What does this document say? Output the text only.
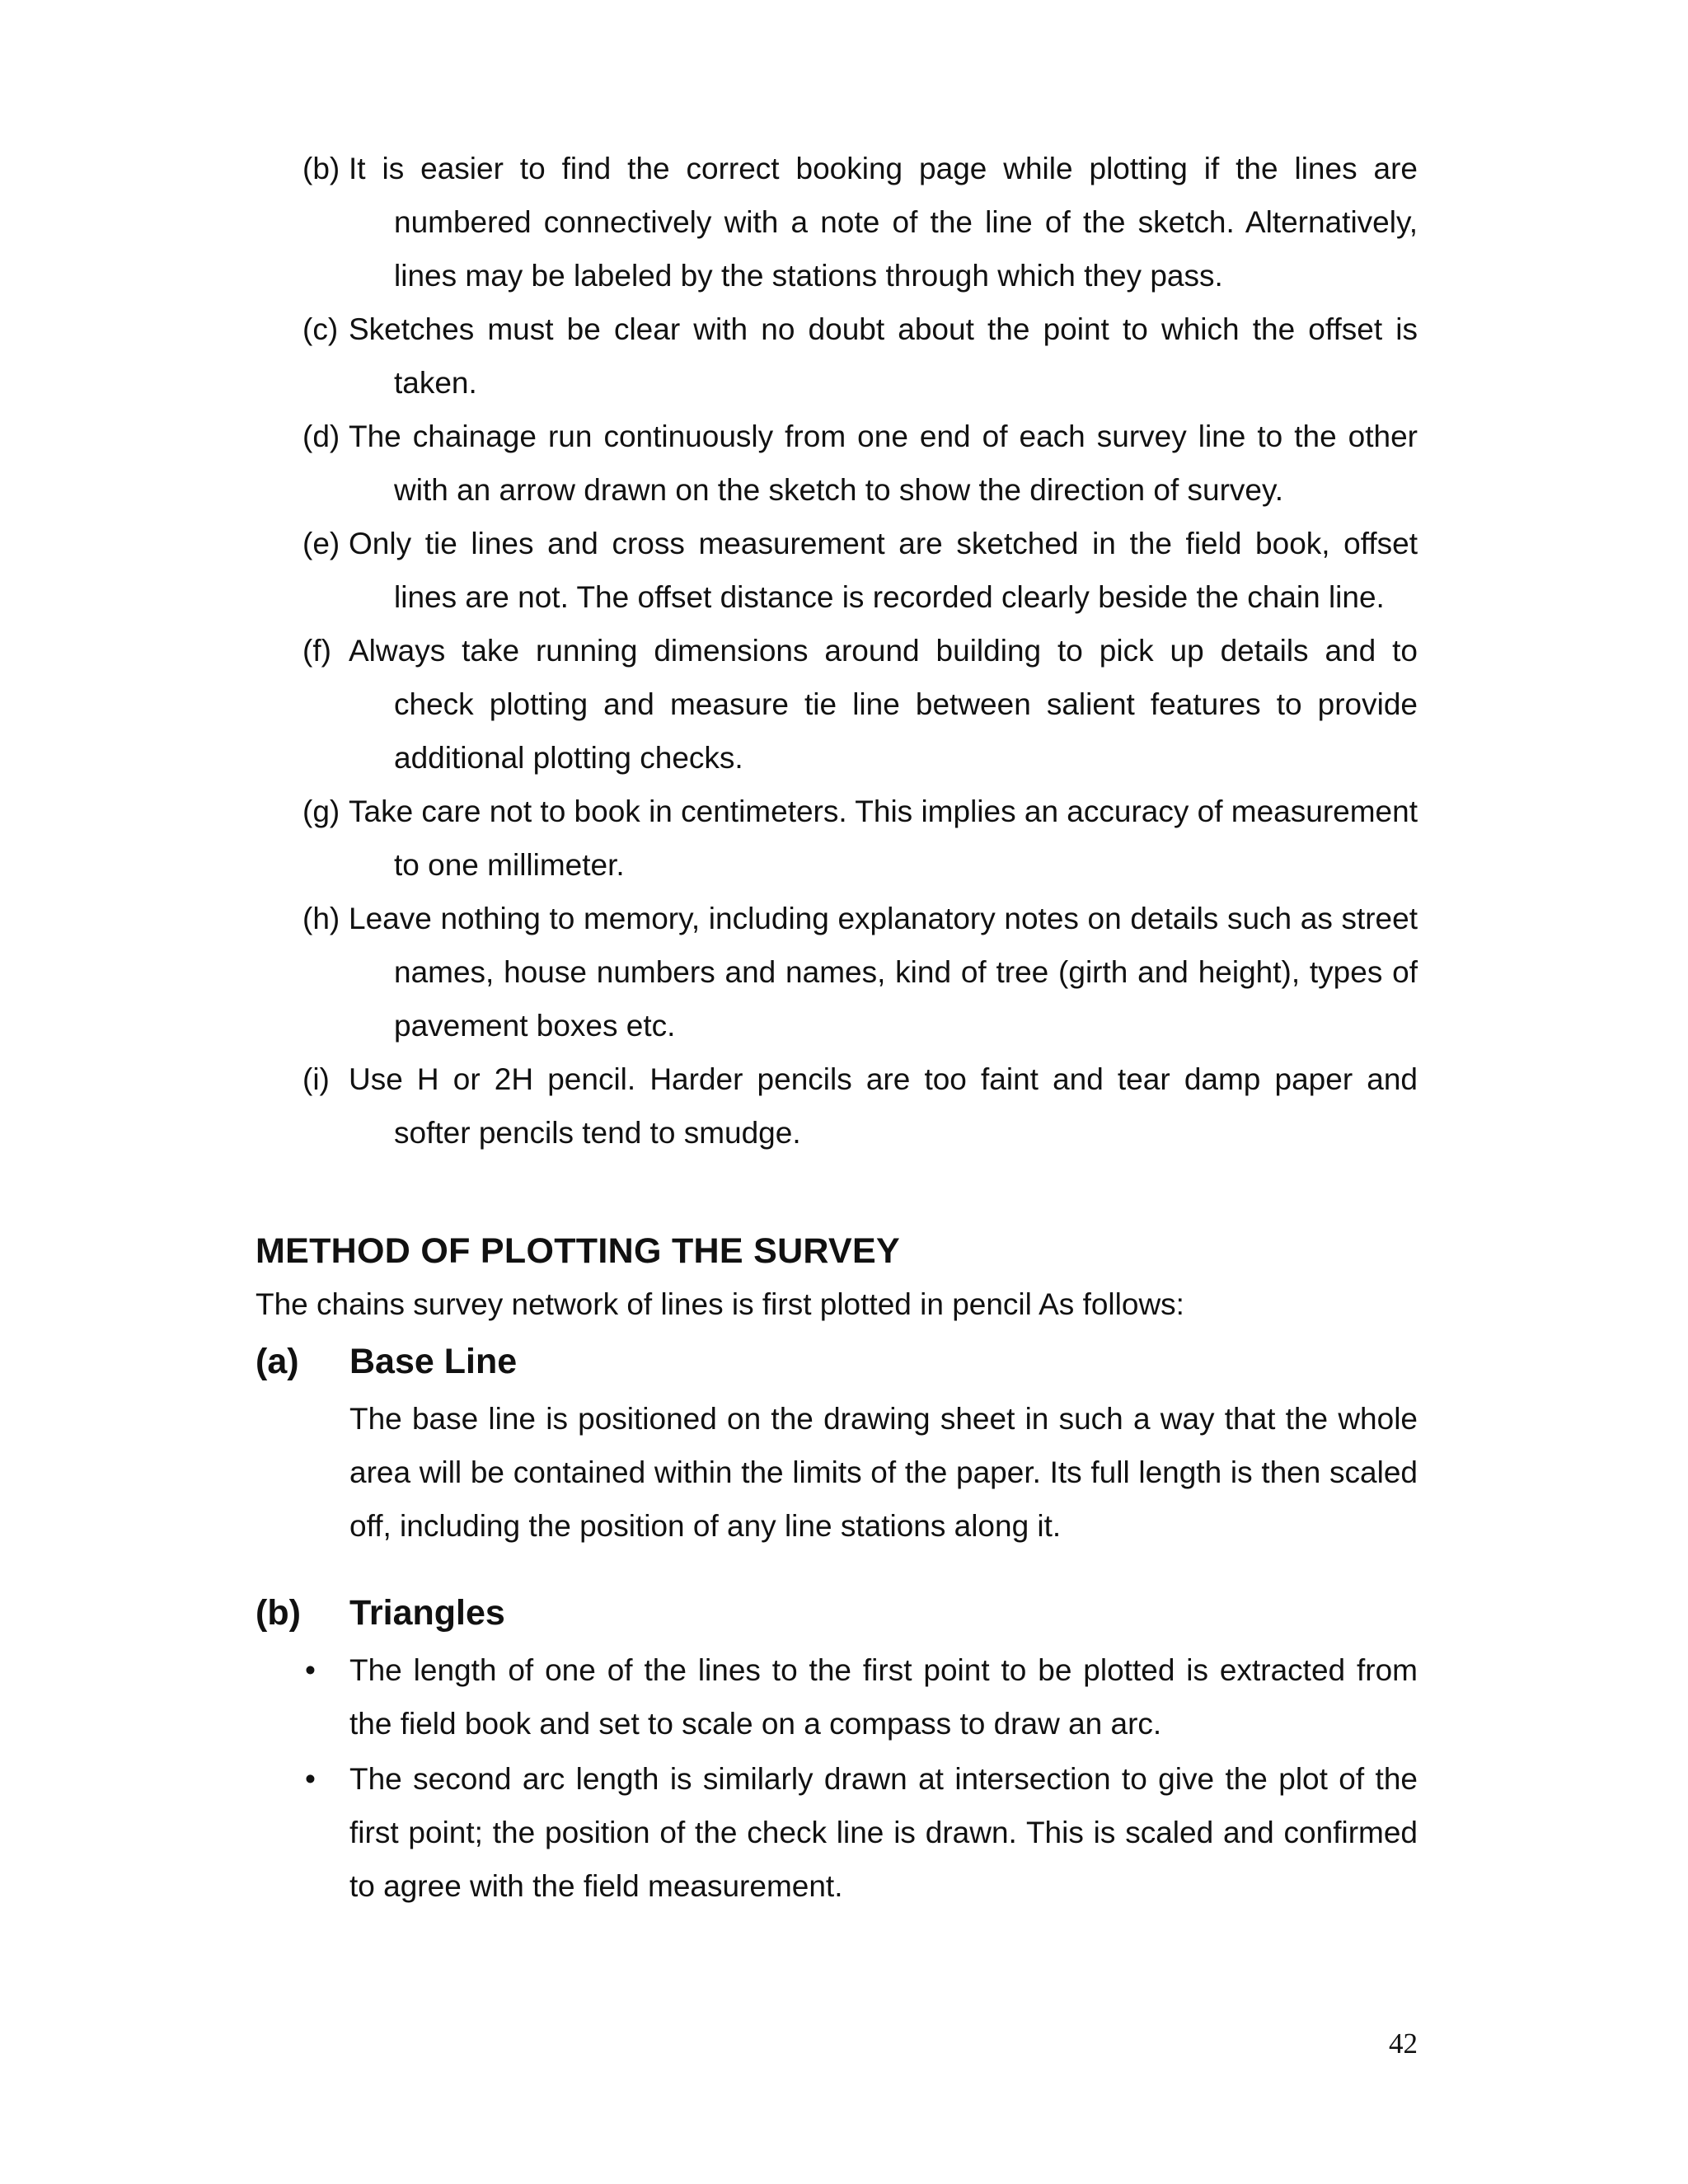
(b) It is easier to find the correct booking page while plotting if the lines are numbered connectively with a note of the line of the sketch. Alternatively, lines may be labeled by the stations through which they pass.
(c) Sketches must be clear with no doubt about the point to which the offset is taken.
(d) The chainage run continuously from one end of each survey line to the other with an arrow drawn on the sketch to show the direction of survey.
(e) Only tie lines and cross measurement are sketched in the field book, offset lines are not. The offset distance is recorded clearly beside the chain line.
(f) Always take running dimensions around building to pick up details and to check plotting and measure tie line between salient features to provide additional plotting checks.
(g) Take care not to book in centimeters. This implies an accuracy of measurement to one millimeter.
(h) Leave nothing to memory, including explanatory notes on details such as street names, house numbers and names, kind of tree (girth and height), types of pavement boxes etc.
(i) Use H or 2H pencil. Harder pencils are too faint and tear damp paper and softer pencils tend to smudge.
METHOD OF PLOTTING THE SURVEY

The chains survey network of lines is first plotted in pencil As follows:

(a)	Base Line

The base line is positioned on the drawing sheet in such a way that the whole area will be contained within the limits of the paper. Its full length is then scaled off, including the position of any line stations along it.

(b)	Triangles
• The length of one of the lines to the first point to be plotted is extracted from the field book and set to scale on a compass to draw an arc.
• The second arc length is similarly drawn at intersection to give the plot of the first point; the position of the check line is drawn. This is scaled and confirmed to agree with the field measurement.
42
